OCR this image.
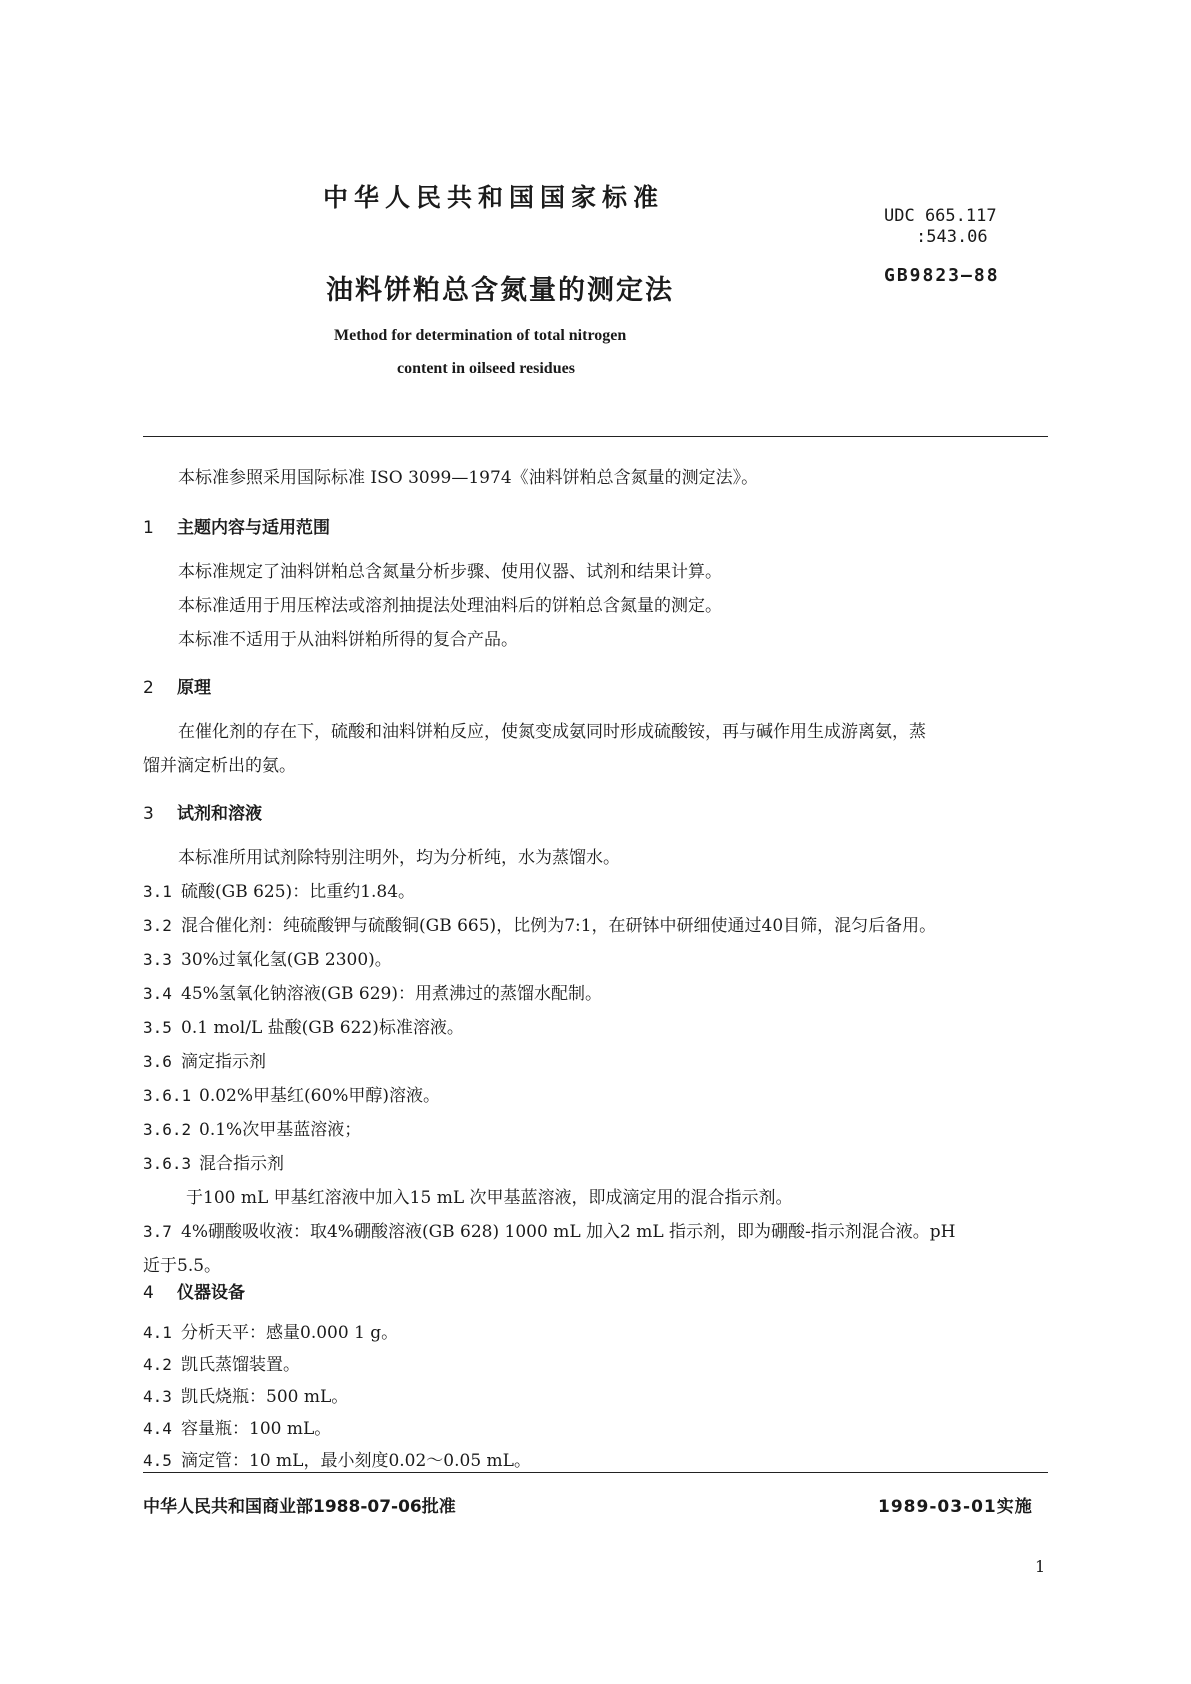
中华人民共和国国家标准
UDC 665.117
:543.06
GB9823—88
油料饼粕总含氮量的测定法
Method for determination of total nitrogen
content in oilseed residues
本标准参照采用国际标准 ISO 3099—1974《油料饼粕总含氮量的测定法》。
1 主题内容与适用范围
本标准规定了油料饼粕总含氮量分析步骤、使用仪器、试剂和结果计算。
本标准适用于用压榨法或溶剂抽提法处理油料后的饼粕总含氮量的测定。
本标准不适用于从油料饼粕所得的复合产品。
2 原理
在催化剂的存在下，硫酸和油料饼粕反应，使氮变成氨同时形成硫酸铵，再与碱作用生成游离氨，蒸
馏并滴定析出的氨。
3 试剂和溶液
本标准所用试剂除特别注明外，均为分析纯，水为蒸馏水。
3.1 硫酸(GB 625)：比重约1.84。
3.2 混合催化剂：纯硫酸钾与硫酸铜(GB 665)，比例为7:1，在研钵中研细使通过40目筛，混匀后备用。
3.3 30%过氧化氢(GB 2300)。
3.4 45%氢氧化钠溶液(GB 629)：用煮沸过的蒸馏水配制。
3.5 0.1 mol/L 盐酸(GB 622)标准溶液。
3.6 滴定指示剂
3.6.1 0.02%甲基红(60%甲醇)溶液。
3.6.2 0.1%次甲基蓝溶液；
3.6.3 混合指示剂
于100 mL 甲基红溶液中加入15 mL 次甲基蓝溶液，即成滴定用的混合指示剂。
3.7 4%硼酸吸收液：取4%硼酸溶液(GB 628) 1000 mL 加入2 mL 指示剂，即为硼酸-指示剂混合液。pH
近于5.5。
4 仪器设备
4.1 分析天平：感量0.000 1 g。
4.2 凯氏蒸馏装置。
4.3 凯氏烧瓶：500 mL。
4.4 容量瓶：100 mL。
中华人民共和国商业部1988-07-06批准	1989-03-01实施
1
4.5 滴定管：10 mL，最小刻度0.02～0.05 mL。
